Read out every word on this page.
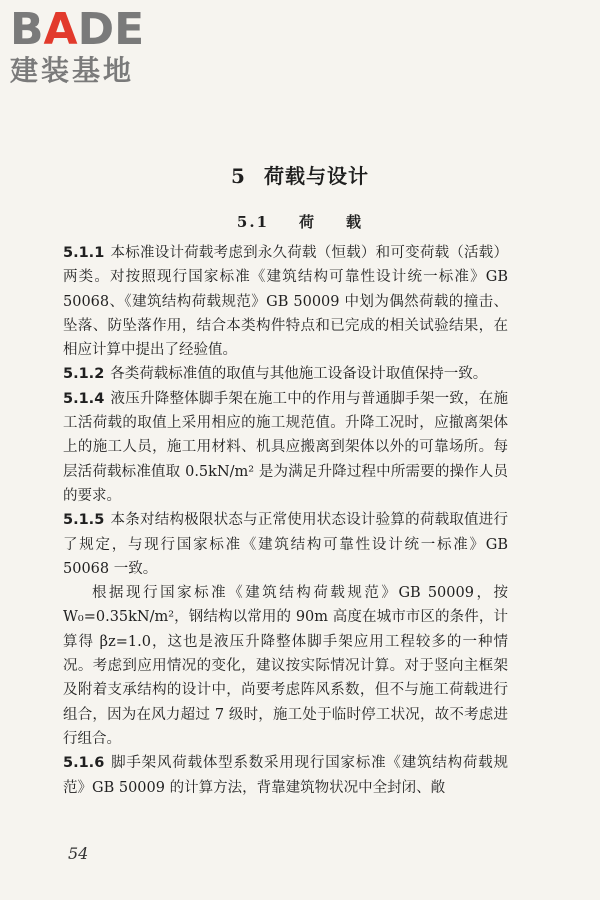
BADE
建装基地
5 荷载与设计
5.1 荷 载

5.1.1 本标准设计荷载考虑到永久荷载（恒载）和可变荷载（活载）两类。对按照现行国家标准《建筑结构可靠性设计统一标准》GB 50068、《建筑结构荷载规范》GB 50009 中划为偶然荷载的撞击、坠落、防坠落作用，结合本类构件特点和已完成的相关试验结果，在相应计算中提出了经验值。

5.1.2 各类荷载标准值的取值与其他施工设备设计取值保持一致。

5.1.4 液压升降整体脚手架在施工中的作用与普通脚手架一致，在施工活荷载的取值上采用相应的施工规范值。升降工况时，应撤离架体上的施工人员，施工用材料、机具应搬离到架体以外的可靠场所。每层活荷载标准值取 0.5kN/m² 是为满足升降过程中所需要的操作人员的要求。

5.1.5 本条对结构极限状态与正常使用状态设计验算的荷载取值进行了规定，与现行国家标准《建筑结构可靠性设计统一标准》GB 50068 一致。

根据现行国家标准《建筑结构荷载规范》GB 50009，按 W₀=0.35kN/m²，钢结构以常用的 90m 高度在城市市区的条件，计算得 βz=1.0，这也是液压升降整体脚手架应用工程较多的一种情况。考虑到应用情况的变化，建议按实际情况计算。对于竖向主框架及附着支承结构的设计中，尚要考虑阵风系数，但不与施工荷载进行组合，因为在风力超过 7 级时，施工处于临时停工状况，故不考虑进行组合。

5.1.6 脚手架风荷载体型系数采用现行国家标准《建筑结构荷载规范》GB 50009 的计算方法，背靠建筑物状况中全封闭、敞

54
